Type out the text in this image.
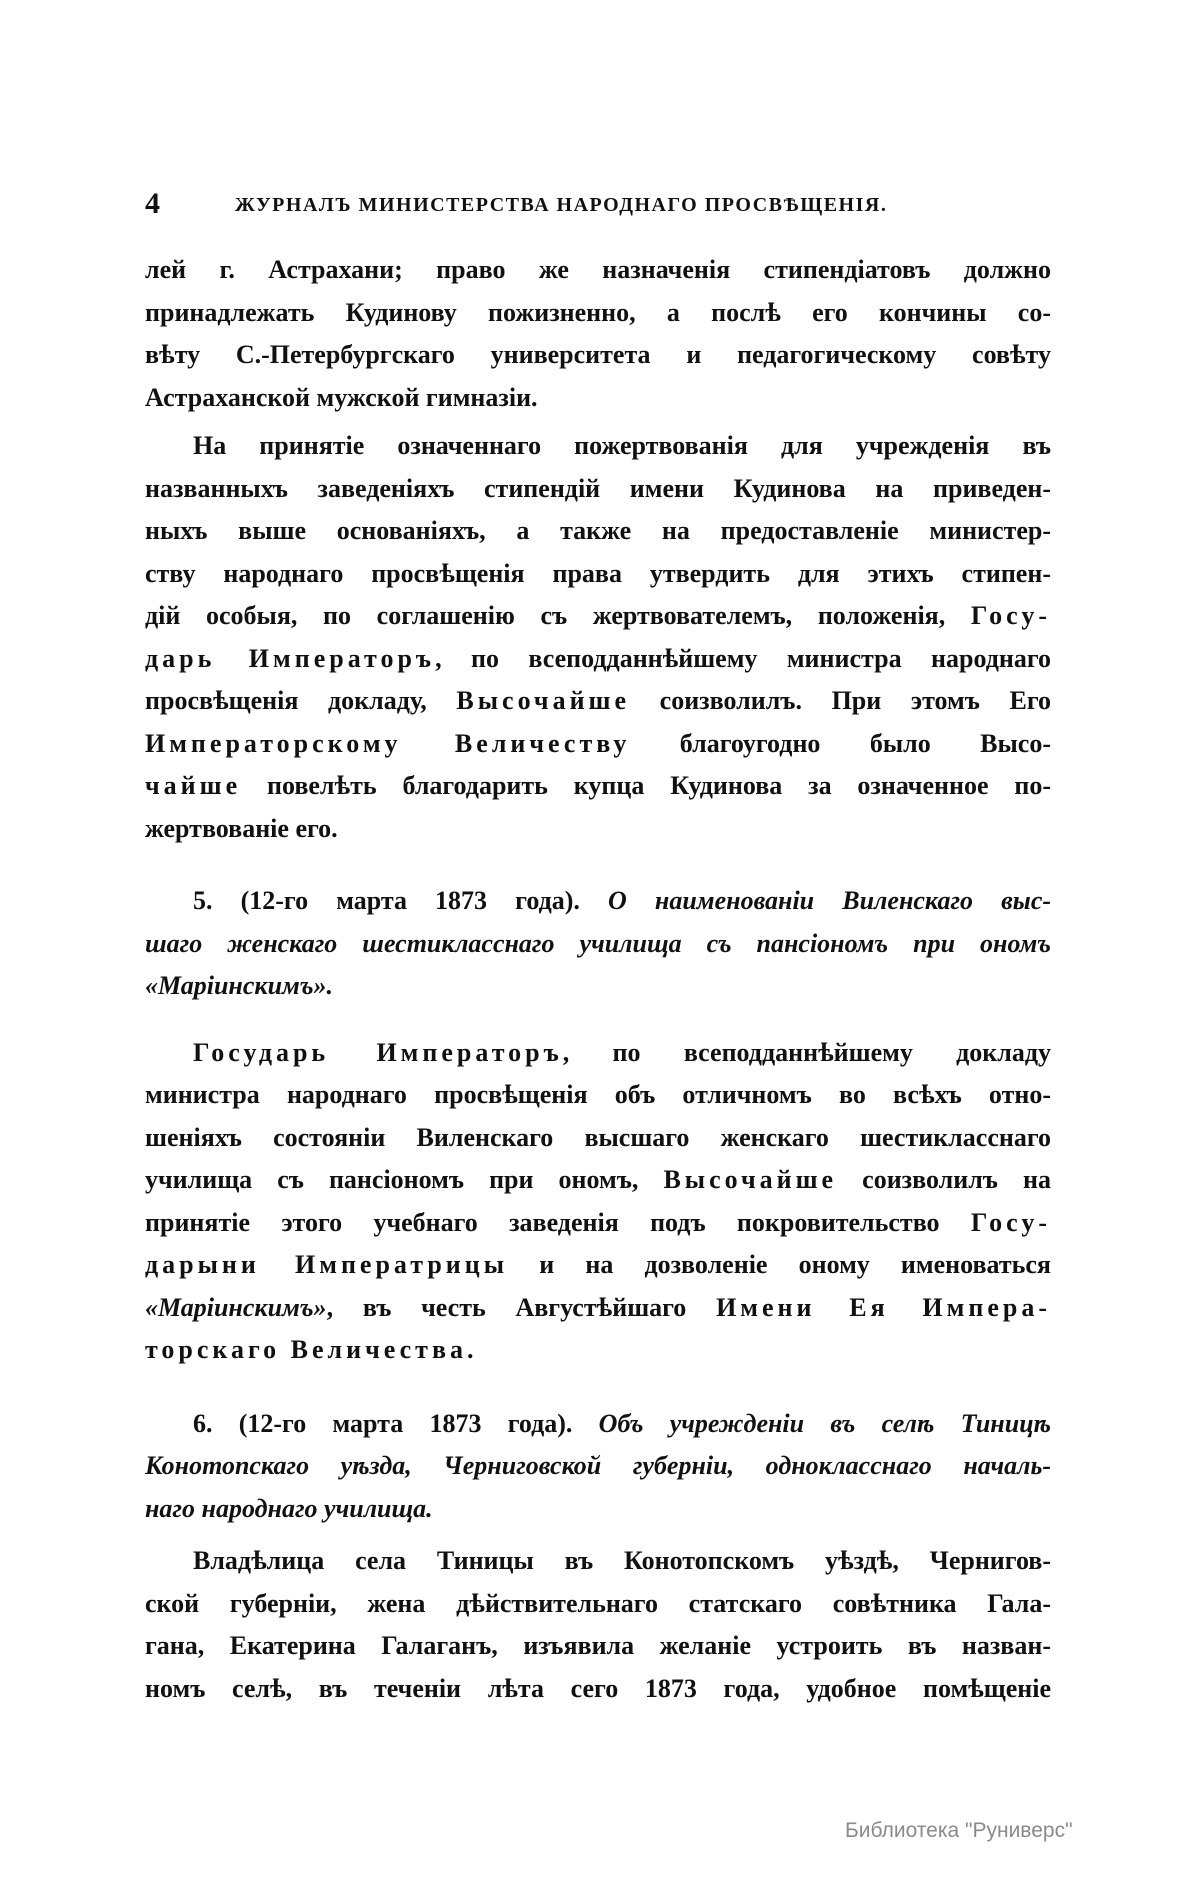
4	ЖУРНАЛЪ МИНИСТЕРСТВА НАРОДНАГО ПРОСВѢЩЕНІЯ.
лей г. Астрахани; право же назначенія стипендіатовъ должно
принадлежать Кудинову пожизненно, а послѣ его кончины со-
вѣту С.-Петербургскаго университета и педагогическому совѣту
Астраханской мужской гимназіи.
На принятіе означеннаго пожертвованія для учрежденія въ
названныхъ заведеніяхъ стипендій имени Кудинова на приведен-
ныхъ выше основаніяхъ, а также на предоставленіе министер-
ству народнаго просвѣщенія права утвердить для этихъ стипен-
дій особыя, по соглашенію съ жертвователемъ, положенія, Госу-
дарь Императоръ, по всеподданнѣйшему министра народнаго
просвѣщенія докладу, Высочайше соизволилъ. При этомъ Его
Императорскому Величеству благоугодно было Высо-
чайше повелѣть благодарить купца Кудинова за означенное по-
жертвованіе его.
5. (12-го марта 1873 года). О наименованіи Виленскаго выс-
шаго женскаго шестикласснаго училища съ пансіономъ при ономъ
«Маріинскимъ».
Государь Императоръ, по всеподданнѣйшему докладу
министра народнаго просвѣщенія объ отличномъ во всѣхъ отно-
шеніяхъ состояніи Виленскаго высшаго женскаго шестикласснаго
училища съ пансіономъ при ономъ, Высочайше соизволилъ на
принятіе этого учебнаго заведенія подъ покровительство Госу-
дарыни Императрицы и на дозволеніе оному именоваться
«Маріинскимъ», въ честь Августѣйшаго Имени Ея Импера-
торскаго Величества.
6. (12-го марта 1873 года). Объ учрежденіи въ селѣ Тиницѣ
Конотопскаго уѣзда, Черниговской губерніи, однокласснаго началь-
наго народнаго училища.
Владѣлица села Тиницы въ Конотопскомъ уѣздѣ, Чернигов-
ской губерніи, жена дѣйствительнаго статскаго совѣтника Гала-
гана, Екатерина Галаганъ, изъявила желаніе устроить въ назван-
номъ селѣ, въ теченіи лѣта сего 1873 года, удобное помѣщеніе
Библиотека "Руниверс"
